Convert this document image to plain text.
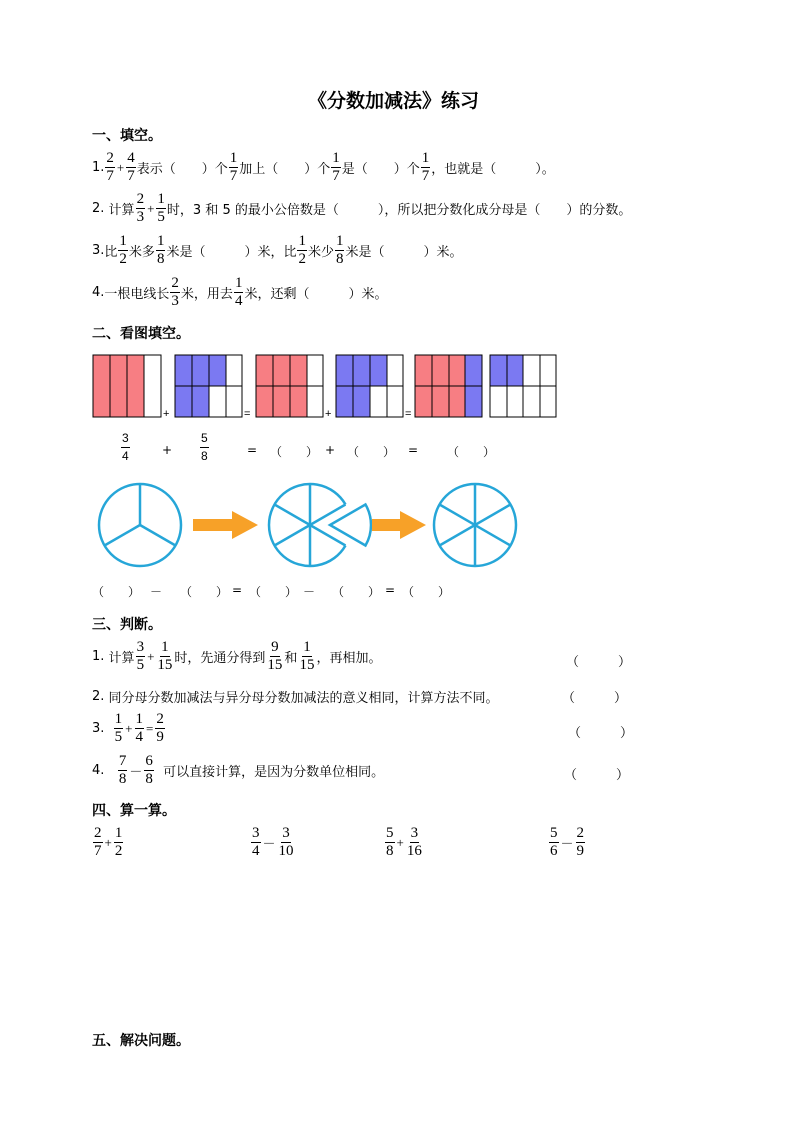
《分数加减法》练习
一、填空。
1. $\frac{2}{7} + \frac{4}{7}$ 表示（　　）个 $\frac{1}{7}$ 加上（　　）个 $\frac{1}{7}$ 是（　　）个 $\frac{1}{7}$ ，也就是（　　　）。
2.
计算 $\frac{2}{3} + \frac{1}{5}$ 时，3 和 5 的最小公倍数是（　　　），所以把分数化成分母是（　　）的分数。
3. 比 $\frac{1}{2}$ 米多 $\frac{1}{8}$ 米是（　　　）米，比 $\frac{1}{2}$ 米少 $\frac{1}{8}$ 米是（　　　）米。
4. 一根电线长 $\frac{2}{3}$ 米，用去 $\frac{1}{4}$ 米，还剩（　　　）米。
二、看图填空。
+	=	+	=
$\frac{3}{4}$	+ $\frac{5}{8}$	= （　　） + （　　） = （　　）
（　　） － （　　） = （　　） － （　　） = （　　）
三、判断。
1.
计算 $\frac{3}{5} + \frac{1}{15}$ 时，先通分得到 $\frac{9}{15}$ 和 $\frac{1}{15}$ ，再相加。	（　　　）
2.
同分母分数加减法与异分母分数加减法的意义相同，计算方法不同。	（　　　）
3.
$\frac{1}{5} + \frac{1}{4} = \frac{2}{9}$	（　　　）
4.
$\frac{7}{8} - \frac{6}{8}$
可以直接计算，是因为分数单位相同。	（　　　）
四、算一算。
$\frac{2}{7} + \frac{1}{2}$	$\frac{3}{4} - \frac{3}{10}$	$\frac{5}{8} + \frac{3}{16}$	$\frac{5}{6} - \frac{2}{9}$
五、解决问题。
